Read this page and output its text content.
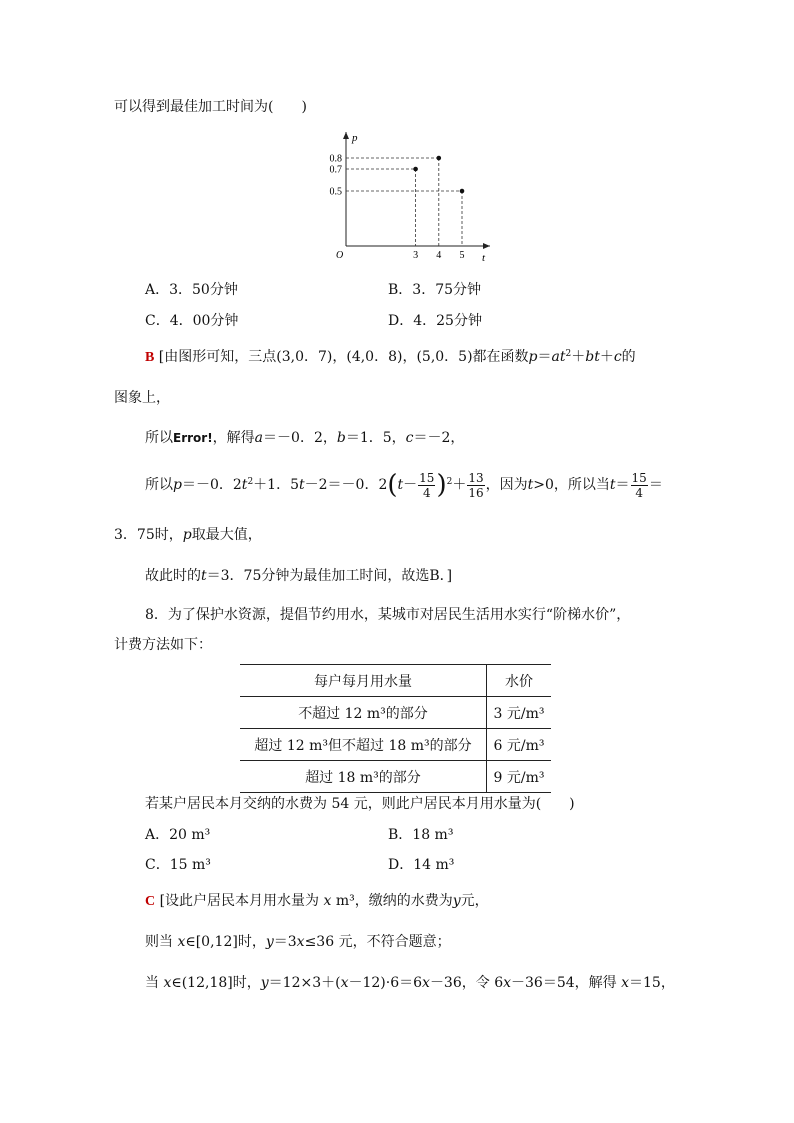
可以得到最佳加工时间为(　　)
p
t
O	3 4 5
0.8
0.7
0.5
A．3．50分钟	B．3．75分钟
C．4．00分钟	D．4．25分钟
B [由图形可知，三点(3,0．7)，(4,0．8)，(5,0．5)都在函数$p=at^2+bt+c$的
图象上，
所以Error!，解得a＝－0．2，b＝1．5，c＝－2，
所以p＝－0．$2t^2+1$．5t－2＝－0．$2(t- \frac{15}{4} )^2+ \frac{13}{16}$ ，因为t>0，所以当$t= \frac{15}{4}$ ＝
3．75时，p取最大值，
故此时的t＝3．75分钟为最佳加工时间，故选B．]
8．为了保护水资源，提倡节约用水，某城市对居民生活用水实行“阶梯水价”，
计费方法如下：
每户每月用水量	水价
不超过 12 m³的部分	3 元/m³
超过 12 m³但不超过 18 m³的部分	6 元/m³
超过 18 m³的部分	9 元/m³
若某户居民本月交纳的水费为 54 元，则此户居民本月用水量为(　　)
A．20 m³	B．18 m³
C．15 m³	D．14 m³
C [设此户居民本月用水量为 x m³，缴纳的水费为y元，
则当 x∈[0,12]时，y＝3x≤36 元，不符合题意；
当 x∈(12,18]时，y＝12×3＋(x－12)·6＝6x－36，令 6x－36＝54，解得 x＝15，
